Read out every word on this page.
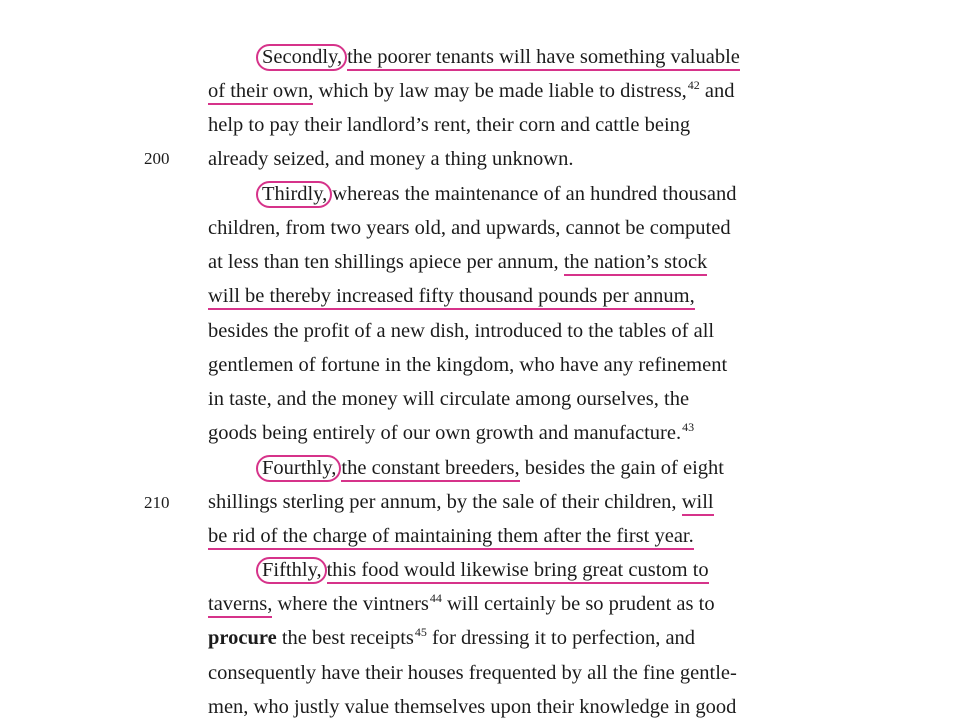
200
210
Secondly, the poorer tenants will have something valuable
of their own, which by law may be made liable to distress,$^{42}$ and
help to pay their landlord’s rent, their corn and cattle being
already seized, and money a thing unknown.
Thirdly, whereas the maintenance of an hundred thousand
children, from two years old, and upwards, cannot be computed
at less than ten shillings apiece per annum, the nation’s stock
will be thereby increased fifty thousand pounds per annum,
besides the profit of a new dish, introduced to the tables of all
gentlemen of fortune in the kingdom, who have any refinement
in taste, and the money will circulate among ourselves, the
goods being entirely of our own growth and manufacture.$^{43}$
Fourthly, the constant breeders, besides the gain of eight
shillings sterling per annum, by the sale of their children, will
be rid of the charge of maintaining them after the first year.
Fifthly, this food would likewise bring great custom to
taverns, where the vintners$^{44}$ will certainly be so prudent as to
procure the best receipts$^{45}$ for dressing it to perfection, and
consequently have their houses frequented by all the fine gentle-
men, who justly value themselves upon their knowledge in good
